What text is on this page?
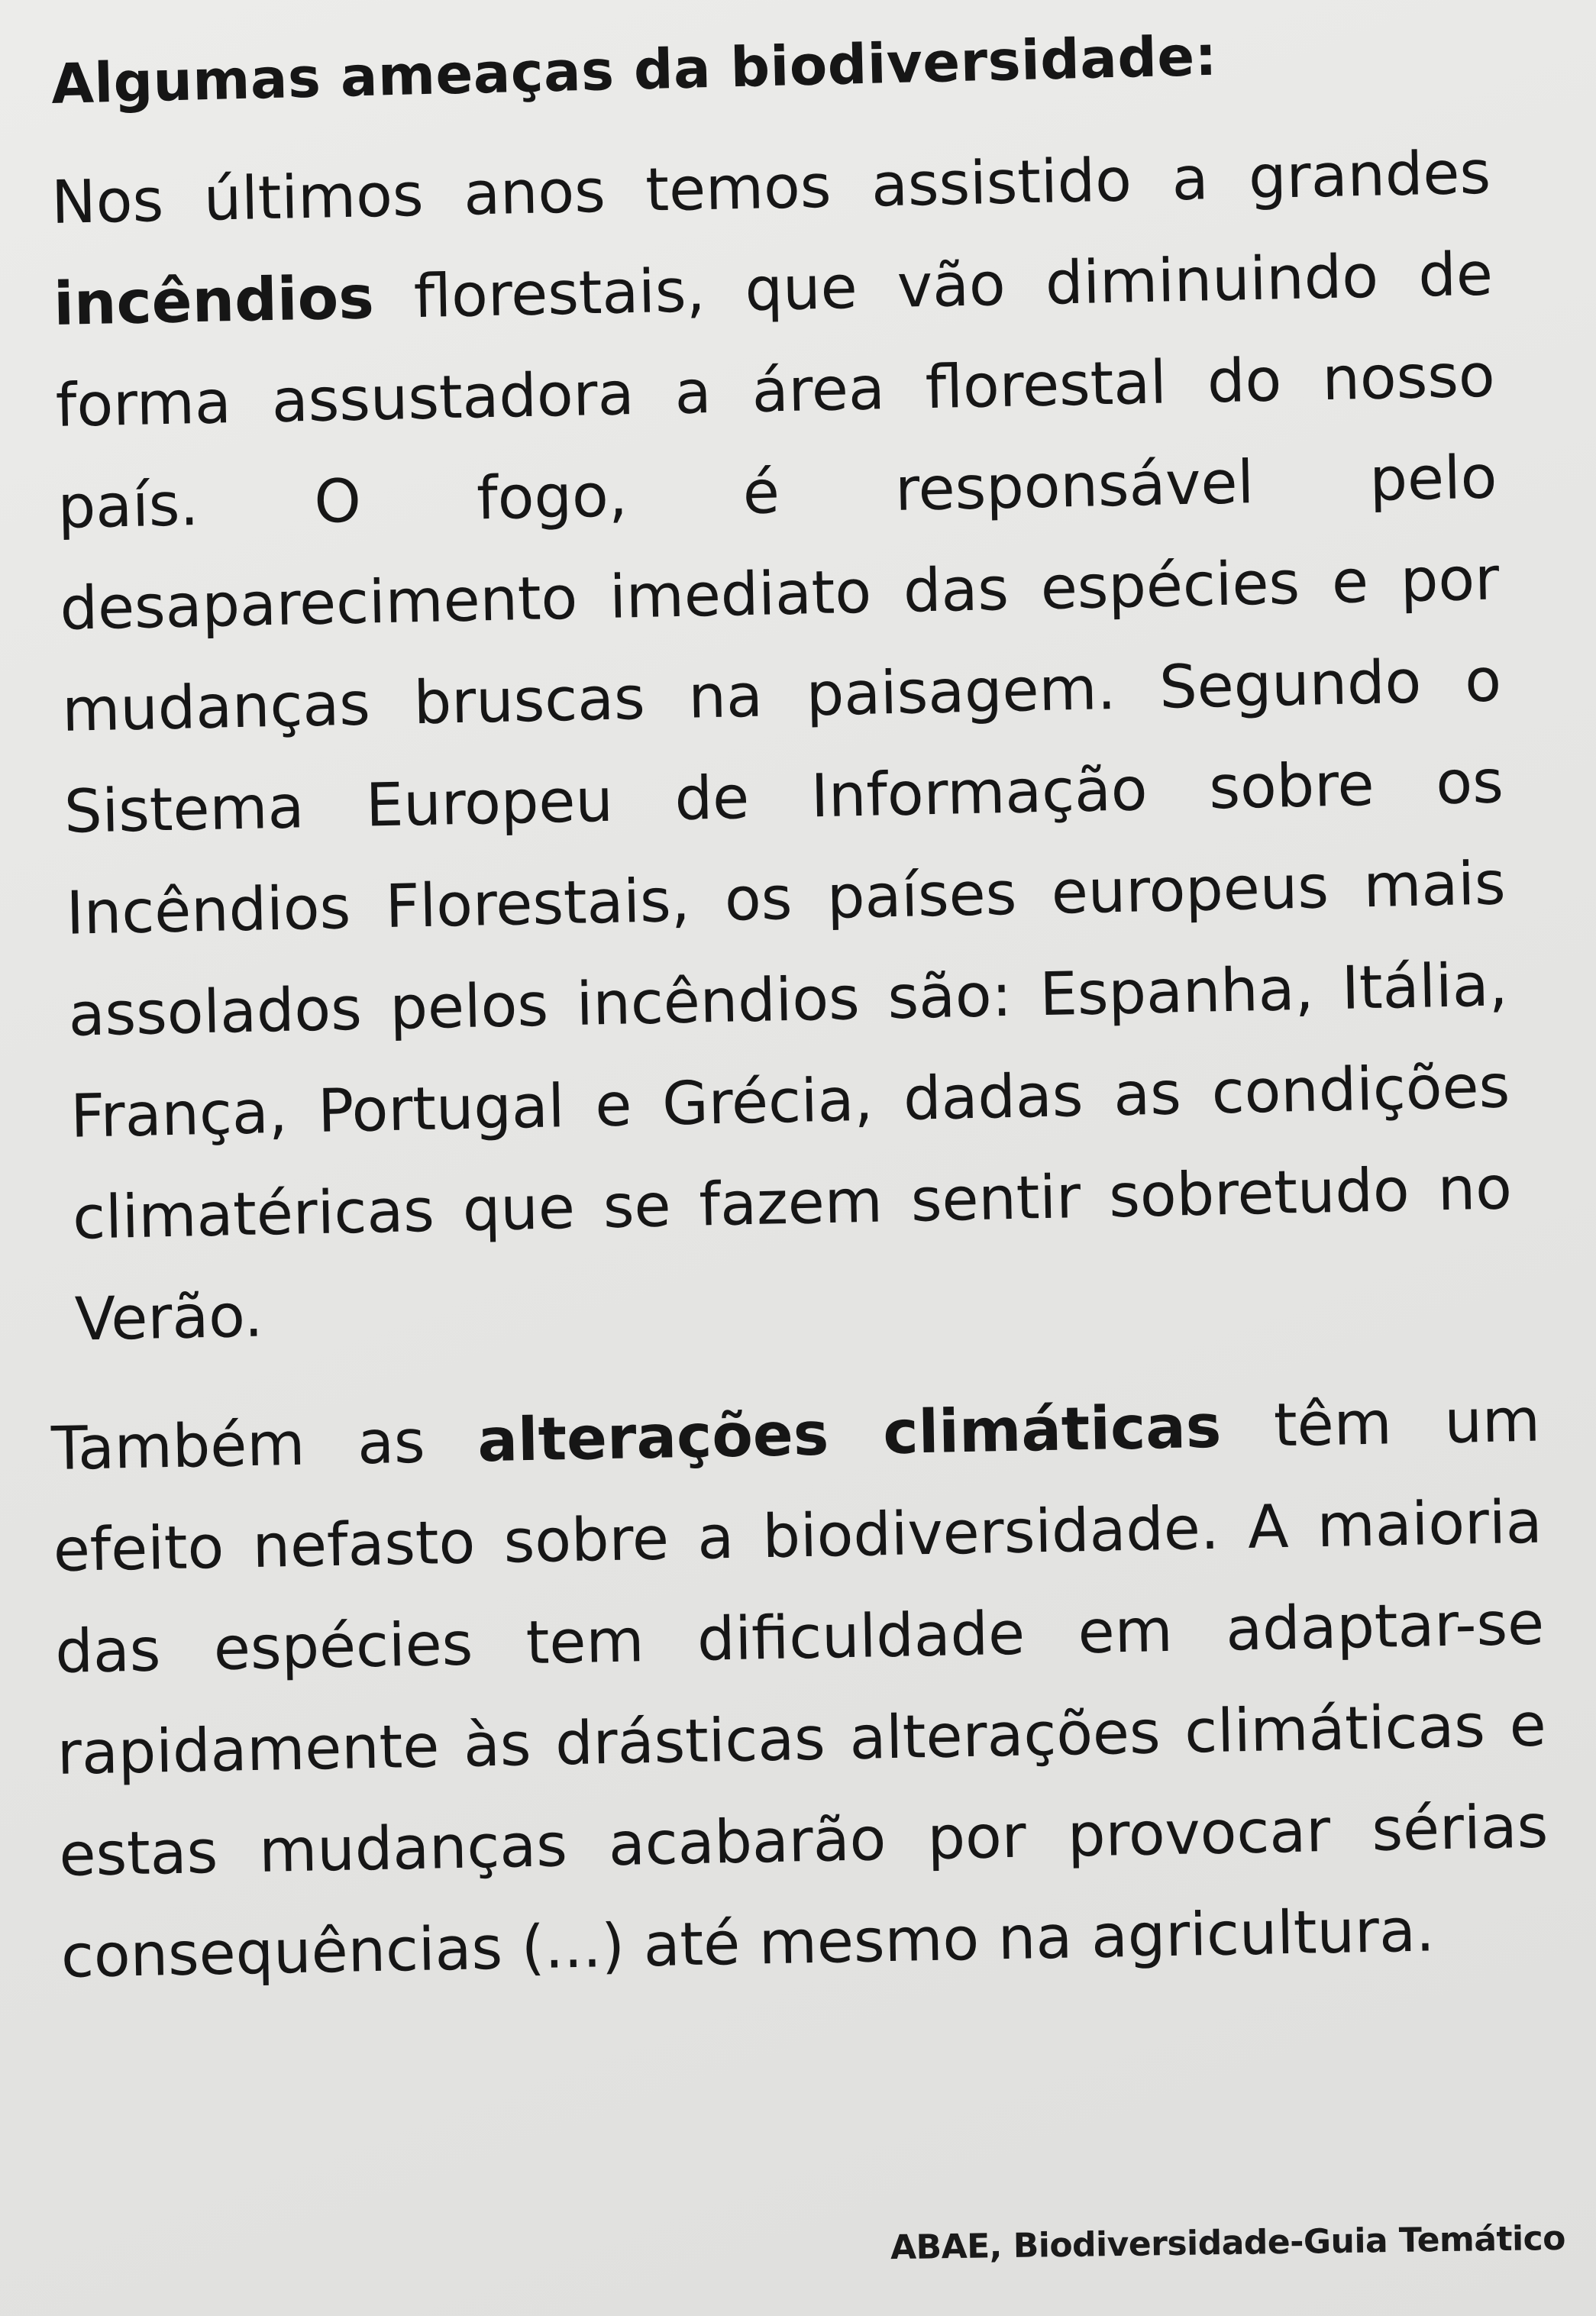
Algumas ameaças da biodiversidade:

Nos últimos anos temos assistido a grandes incêndios florestais, que vão diminuindo de forma assustadora a área florestal do nosso país. O fogo, é responsável pelo desaparecimento imediato das espécies e por mudanças bruscas na paisagem. Segundo o Sistema Europeu de Informação sobre os Incêndios Florestais, os países europeus mais assolados pelos incêndios são: Espanha, Itália, França, Portugal e Grécia, dadas as condições climatéricas que se fazem sentir sobretudo no Verão.

Também as alterações climáticas têm um efeito nefasto sobre a biodiversidade. A maioria das espécies tem dificuldade em adaptar-se rapidamente às drásticas alterações climáticas e estas mudanças acabarão por provocar sérias consequências (...) até mesmo na agricultura.

ABAE, Biodiversidade-Guia Temático
